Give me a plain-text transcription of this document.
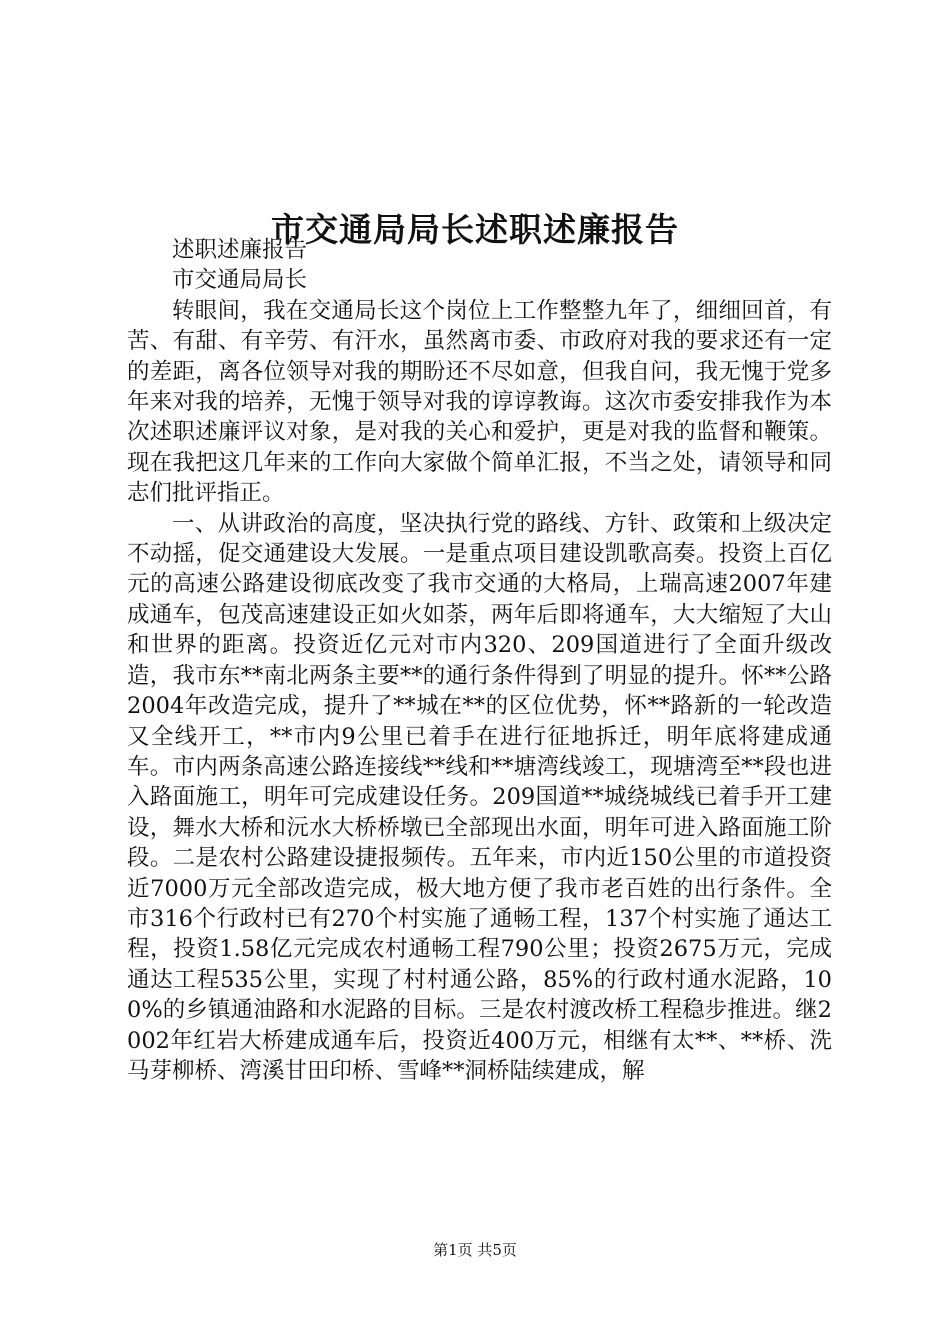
市交通局局长述职述廉报告

述职述廉报告

市交通局局长

转眼间，我在交通局长这个岗位上工作整整九年了，细细回首，有苦、有甜、有辛劳、有汗水，虽然离市委、市政府对我的要求还有一定的差距，离各位领导对我的期盼还不尽如意，但我自问，我无愧于党多年来对我的培养，无愧于领导对我的谆谆教诲。这次市委安排我作为本次述职述廉评议对象，是对我的关心和爱护，更是对我的监督和鞭策。现在我把这几年来的工作向大家做个简单汇报，不当之处，请领导和同志们批评指正。

一、从讲政治的高度，坚决执行党的路线、方针、政策和上级决定不动摇，促交通建设大发展。一是重点项目建设凯歌高奏。投资上百亿元的高速公路建设彻底改变了我市交通的大格局，上瑞高速2007年建成通车，包茂高速建设正如火如荼，两年后即将通车，大大缩短了大山和世界的距离。投资近亿元对市内320、209国道进行了全面升级改造，我市东**南北两条主要**的通行条件得到了明显的提升。怀**公路2004年改造完成，提升了**城在**的区位优势，怀**路新的一轮改造又全线开工，**市内9公里已着手在进行征地拆迁，明年底将建成通车。市内两条高速公路连接线**线和**塘湾线竣工，现塘湾至**段也进入路面施工，明年可完成建设任务。209国道**城绕城线已着手开工建设，舞水大桥和沅水大桥桥墩已全部现出水面，明年可进入路面施工阶段。二是农村公路建设捷报频传。五年来，市内近150公里的市道投资近7000万元全部改造完成，极大地方便了我市老百姓的出行条件。全市316个行政村已有270个村实施了通畅工程，137个村实施了通达工程，投资1.58亿元完成农村通畅工程790公里；投资2675万元，完成通达工程535公里，实现了村村通公路，85%的行政村通水泥路，100%的乡镇通油路和水泥路的目标。三是农村渡改桥工程稳步推进。继2002年红岩大桥建成通车后，投资近400万元，相继有太**、**桥、洗马芽柳桥、湾溪甘田印桥、雪峰**洞桥陆续建成，解

第1页 共5页
